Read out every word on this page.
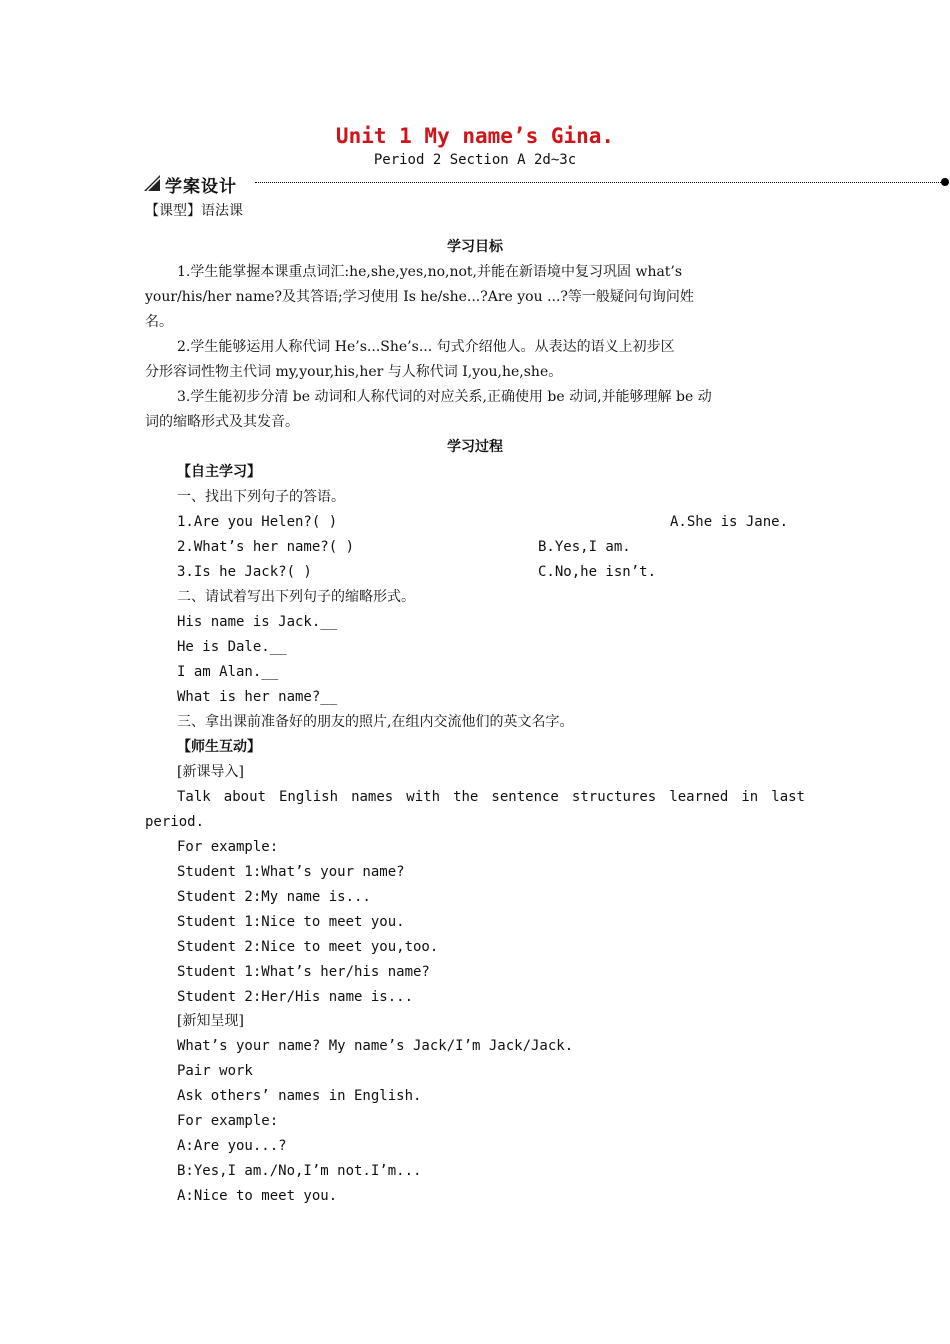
Unit 1 My name’s Gina.
Period 2 Section A 2d~3c
学案设计
【课型】语法课
学习目标
1.学生能掌握本课重点词汇:he,she,yes,no,not,并能在新语境中复习巩固 what’s
your/his/her name?及其答语;学习使用 Is he/she...?Are you ...?等一般疑问句询问姓
名。
2.学生能够运用人称代词 He’s...She’s... 句式介绍他人。从表达的语义上初步区
分形容词性物主代词 my,your,his,her 与人称代词 I,you,he,she。
3.学生能初步分清 be 动词和人称代词的对应关系,正确使用 be 动词,并能够理解 be 动
词的缩略形式及其发音。
学习过程
【自主学习】
一、找出下列句子的答语。
1.Are you Helen?( )	A.She is Jane.
2.What’s her name?( )	B.Yes,I am.
3.Is he Jack?( )	C.No,he isn’t.
二、请试着写出下列句子的缩略形式。
His name is Jack.__
He is Dale.__
I am Alan.__
What is her name?__
三、拿出课前准备好的朋友的照片,在组内交流他们的英文名字。
【师生互动】
[新课导入]
Talk about English names with the sentence structures learned in last
period.
For example:
Student 1:What’s your name?
Student 2:My name is...
Student 1:Nice to meet you.
Student 2:Nice to meet you,too.
Student 1:What’s her/his name?
Student 2:Her/His name is...
[新知呈现]
What’s your name? My name’s Jack/I’m Jack/Jack.
Pair work
Ask others’ names in English.
For example:
A:Are you...?
B:Yes,I am./No,I’m not.I’m...
A:Nice to meet you.
